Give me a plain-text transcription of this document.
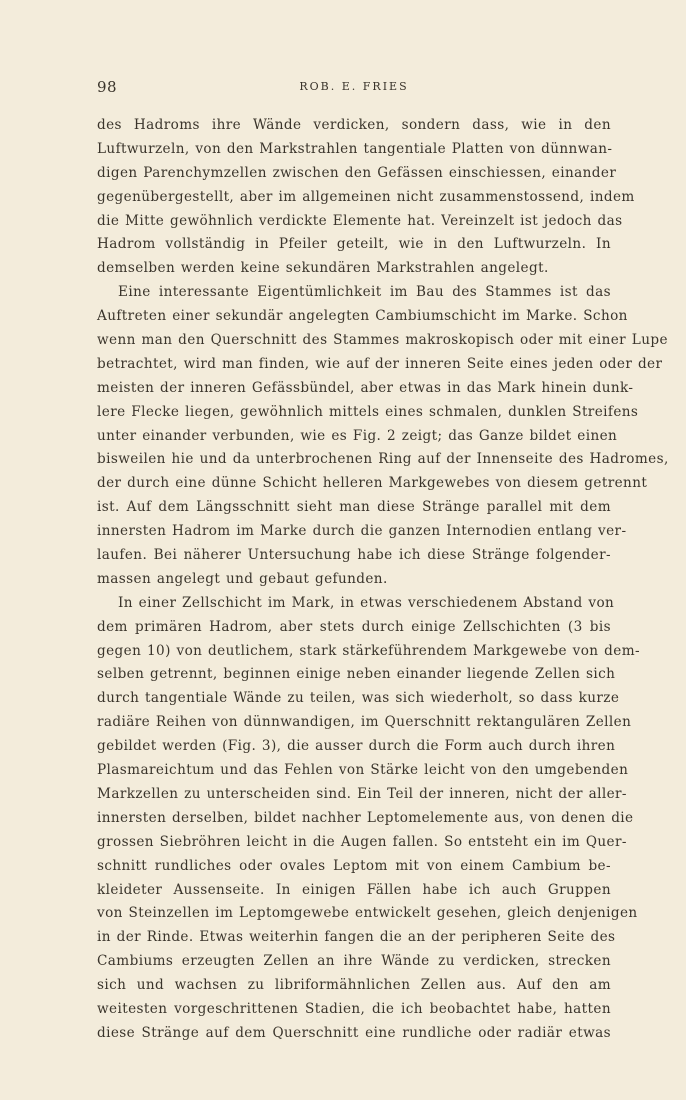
98	ROB. E. FRIES
des Hadroms ihre Wände verdicken, sondern dass, wie in den
Luftwurzeln, von den Markstrahlen tangentiale Platten von dünnwan-
digen Parenchymzellen zwischen den Gefässen einschiessen, einander
gegenübergestellt, aber im allgemeinen nicht zusammenstossend, indem
die Mitte gewöhnlich verdickte Elemente hat. Vereinzelt ist jedoch das
Hadrom vollständig in Pfeiler geteilt, wie in den Luftwurzeln. In
demselben werden keine sekundären Markstrahlen angelegt.
Eine interessante Eigentümlichkeit im Bau des Stammes ist das
Auftreten einer sekundär angelegten Cambiumschicht im Marke. Schon
wenn man den Querschnitt des Stammes makroskopisch oder mit einer Lupe
betrachtet, wird man finden, wie auf der inneren Seite eines jeden oder der
meisten der inneren Gefässbündel, aber etwas in das Mark hinein dunk-
lere Flecke liegen, gewöhnlich mittels eines schmalen, dunklen Streifens
unter einander verbunden, wie es Fig. 2 zeigt; das Ganze bildet einen
bisweilen hie und da unterbrochenen Ring auf der Innenseite des Hadromes,
der durch eine dünne Schicht helleren Markgewebes von diesem getrennt
ist. Auf dem Längsschnitt sieht man diese Stränge parallel mit dem
innersten Hadrom im Marke durch die ganzen Internodien entlang ver-
laufen. Bei näherer Untersuchung habe ich diese Stränge folgender-
massen angelegt und gebaut gefunden.
In einer Zellschicht im Mark, in etwas verschiedenem Abstand von
dem primären Hadrom, aber stets durch einige Zellschichten (3 bis
gegen 10) von deutlichem, stark stärkeführendem Markgewebe von dem-
selben getrennt, beginnen einige neben einander liegende Zellen sich
durch tangentiale Wände zu teilen, was sich wiederholt, so dass kurze
radiäre Reihen von dünnwandigen, im Querschnitt rektangulären Zellen
gebildet werden (Fig. 3), die ausser durch die Form auch durch ihren
Plasmareichtum und das Fehlen von Stärke leicht von den umgebenden
Markzellen zu unterscheiden sind. Ein Teil der inneren, nicht der aller-
innersten derselben, bildet nachher Leptomelemente aus, von denen die
grossen Siebröhren leicht in die Augen fallen. So entsteht ein im Quer-
schnitt rundliches oder ovales Leptom mit von einem Cambium be-
kleideter Aussenseite. In einigen Fällen habe ich auch Gruppen
von Steinzellen im Leptomgewebe entwickelt gesehen, gleich denjenigen
in der Rinde. Etwas weiterhin fangen die an der peripheren Seite des
Cambiums erzeugten Zellen an ihre Wände zu verdicken, strecken
sich und wachsen zu libriformähnlichen Zellen aus. Auf den am
weitesten vorgeschrittenen Stadien, die ich beobachtet habe, hatten
diese Stränge auf dem Querschnitt eine rundliche oder radiär etwas
